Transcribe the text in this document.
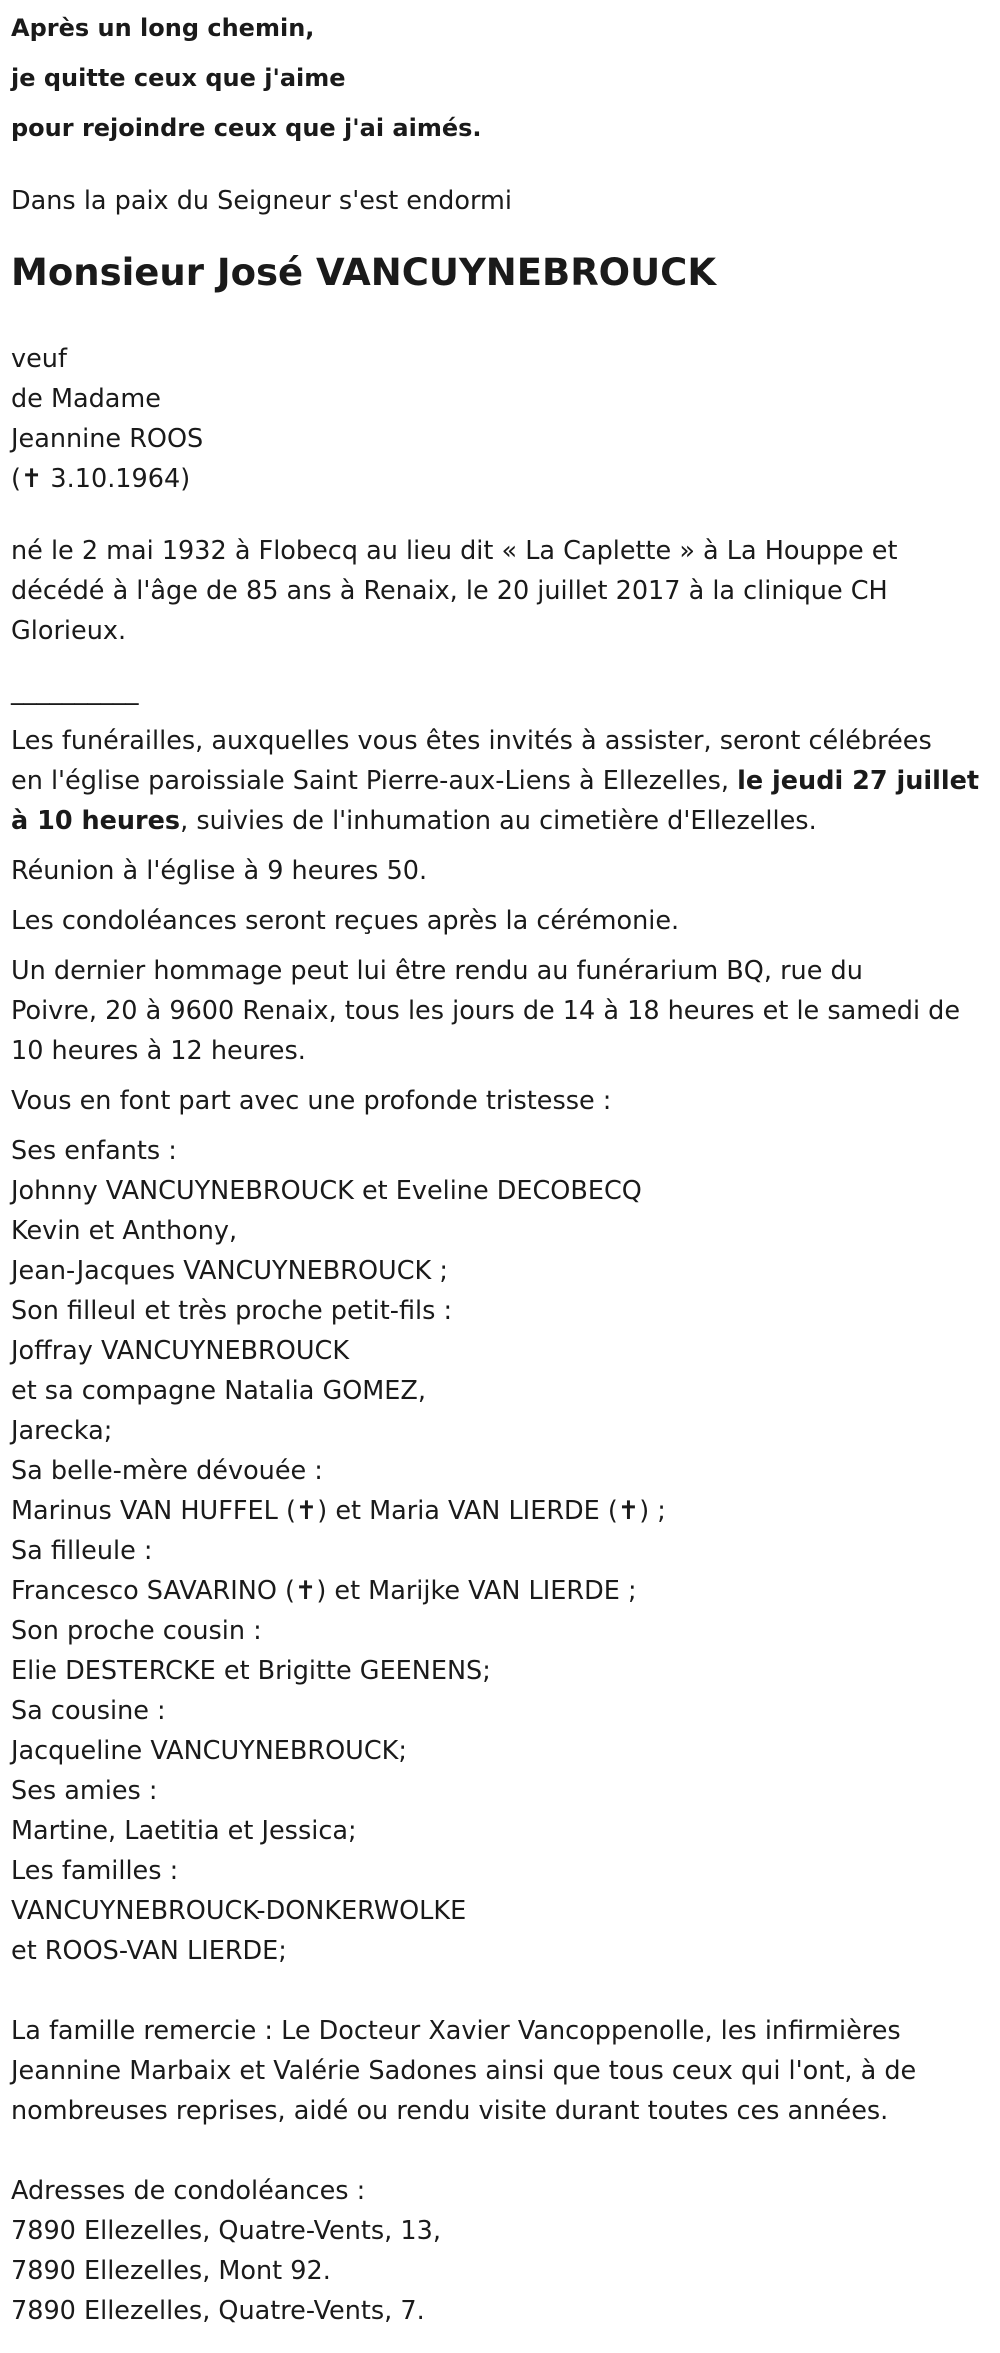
Après un long chemin,
je quitte ceux que j'aime
pour rejoindre ceux que j'ai aimés.
Dans la paix du Seigneur s'est endormi
Monsieur José VANCUYNEBROUCK
veuf
de Madame
Jeannine ROOS
(✝ 3.10.1964)
né le 2 mai 1932 à Flobecq au lieu dit « La Caplette » à La Houppe et
décédé à l'âge de 85 ans à Renaix, le 20 juillet 2017 à la clinique CH
Glorieux.
__________
Les funérailles, auxquelles vous êtes invités à assister, seront célébrées
en l'église paroissiale Saint Pierre-aux-Liens à Ellezelles, le jeudi 27 juillet
à 10 heures, suivies de l'inhumation au cimetière d'Ellezelles.
Réunion à l'église à 9 heures 50.
Les condoléances seront reçues après la cérémonie.
Un dernier hommage peut lui être rendu au funérarium BQ, rue du
Poivre, 20 à 9600 Renaix, tous les jours de 14 à 18 heures et le samedi de
10 heures à 12 heures.
Vous en font part avec une profonde tristesse :
Ses enfants :
Johnny VANCUYNEBROUCK et Eveline DECOBECQ
Kevin et Anthony,
Jean-Jacques VANCUYNEBROUCK ;
Son filleul et très proche petit-fils :
Joffray VANCUYNEBROUCK
et sa compagne Natalia GOMEZ,
Jarecka;
Sa belle-mère dévouée :
Marinus VAN HUFFEL (✝) et Maria VAN LIERDE (✝) ;
Sa filleule :
Francesco SAVARINO (✝) et Marijke VAN LIERDE ;
Son proche cousin :
Elie DESTERCKE et Brigitte GEENENS;
Sa cousine :
Jacqueline VANCUYNEBROUCK;
Ses amies :
Martine, Laetitia et Jessica;
Les familles :
VANCUYNEBROUCK-DONKERWOLKE
et ROOS-VAN LIERDE;
La famille remercie : Le Docteur Xavier Vancoppenolle, les infirmières
Jeannine Marbaix et Valérie Sadones ainsi que tous ceux qui l'ont, à de
nombreuses reprises, aidé ou rendu visite durant toutes ces années.
Adresses de condoléances :
7890 Ellezelles, Quatre-Vents, 13,
7890 Ellezelles, Mont 92.
7890 Ellezelles, Quatre-Vents, 7.
